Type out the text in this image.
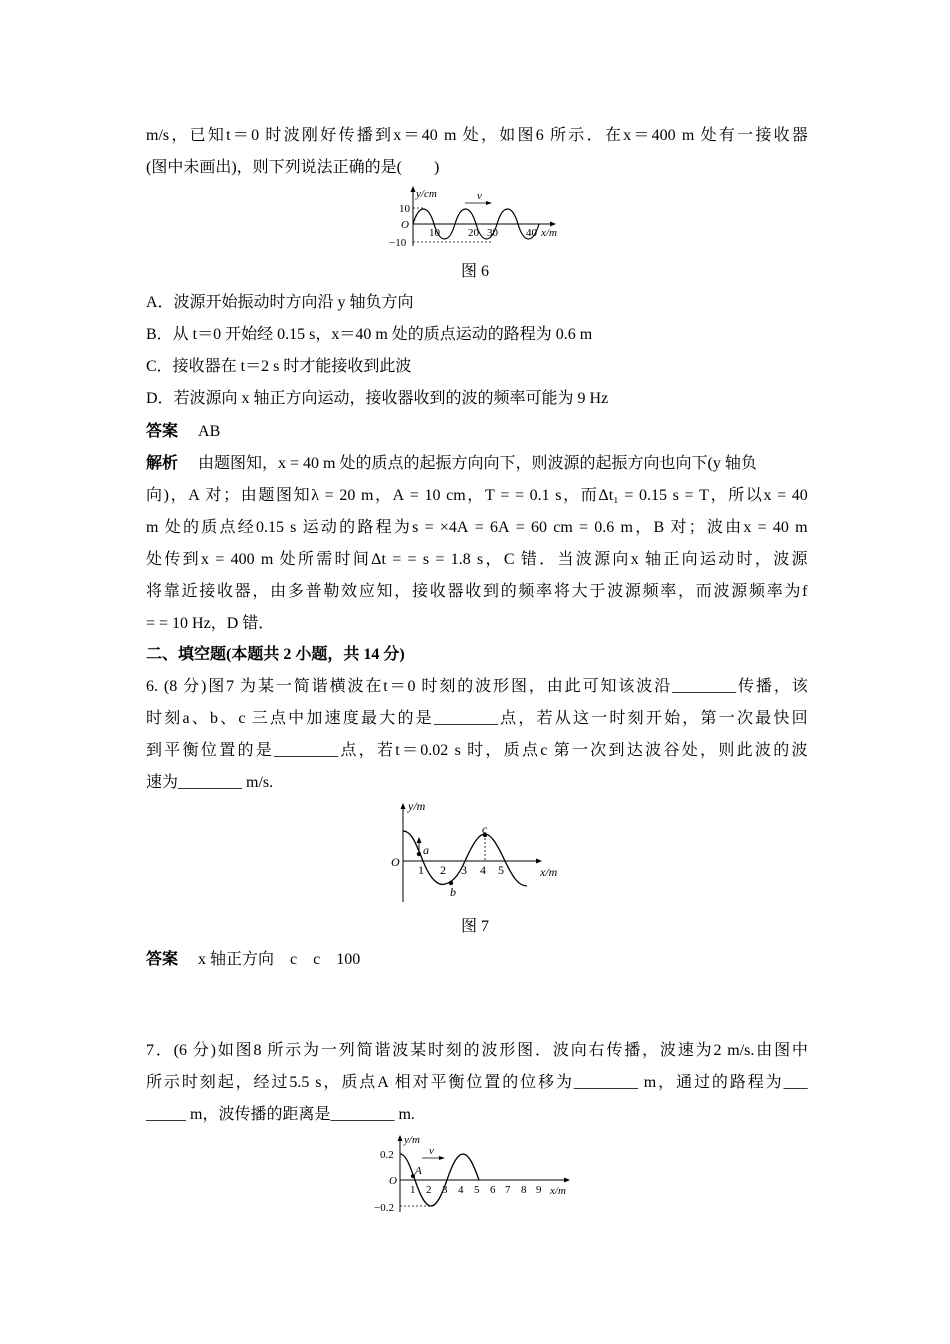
m/s ， 已 知 t ＝ 0 时 波 刚 好 传 播 到 x ＝ 40 m 处 ， 如 图 6 所 示 ． 在 x ＝ 400 m 处 有 一 接 收 器
(图中未画出)，则下列说法正确的是(　　)
y/cm	v
10
O
−10
10	20 30	40 x/m
图 6
A．波源开始振动时方向沿 y 轴负方向
B．从 t＝0 开始经 0.15 s，x＝40 m 处的质点运动的路程为 0.6 m
C．接收器在 t＝2 s 时才能接收到此波
D．若波源向 x 轴正方向运动，接收器收到的波的频率可能为 9 Hz
答案 AB
解析 由题图知，x = 40 m 处的质点的起振方向向下，则波源的起振方向也向下(y 轴负
向 ) ， A 对 ； 由 题 图 知 λ = 20 m ， A = 10 cm ， T = = 0.1 s ， 而 Δt₁ = 0.15 s = T ， 所 以 x = 40
m 处 的 质 点 经 0.15 s 运 动 的 路 程 为 s = ×4A = 6A = 60 cm = 0.6 m ， B 对 ； 波 由 x = 40 m
处 传 到 x = 400 m 处 所 需 时 间 Δt = = s = 1.8 s ， C 错 ． 当 波 源 向 x 轴 正 向 运 动 时 ， 波 源
将 靠 近 接 收 器 ， 由 多 普 勒 效 应 知 ， 接 收 器 收 到 的 频 率 将 大 于 波 源 频 率 ， 而 波 源 频 率 为 f
= = 10 Hz，D 错．
二、填空题(本题共 2 小题，共 14 分)
6. (8 分 ) 图 7 为 某 一 简 谐 横 波 在 t ＝ 0 时 刻 的 波 形 图 ， 由 此 可 知 该 波 沿 ________ 传 播 ， 该
时 刻 a 、 b 、 c 三 点 中 加 速 度 最 大 的 是 ________ 点 ， 若 从 这 一 时 刻 开 始 ， 第 一 次 最 快 回
到 平 衡 位 置 的 是 ________ 点 ， 若 t ＝ 0.02 s 时 ， 质 点 c 第 一 次 到 达 波 谷 处 ， 则 此 波 的 波
速为________ m/s.
y/m
O
a
b
c
1 2 3 4 5	x/m
图 7
答案 x 轴正方向　c　c　100
7 ． (6 分 ) 如 图 8 所 示 为 一 列 简 谐 波 某 时 刻 的 波 形 图 ． 波 向 右 传 播 ， 波 速 为 2 m/s. 由 图 中
所 示 时 刻 起 ， 经 过 5.5 s ， 质 点 A 相 对 平 衡 位 置 的 位 移 为 ________ m ， 通 过 的 路 程 为 ___
_____ m，波传播的距离是________ m.
y/m
v
0.2
O
−0.2
A
1 2 3 4 5 6 7 8 9 x/m
